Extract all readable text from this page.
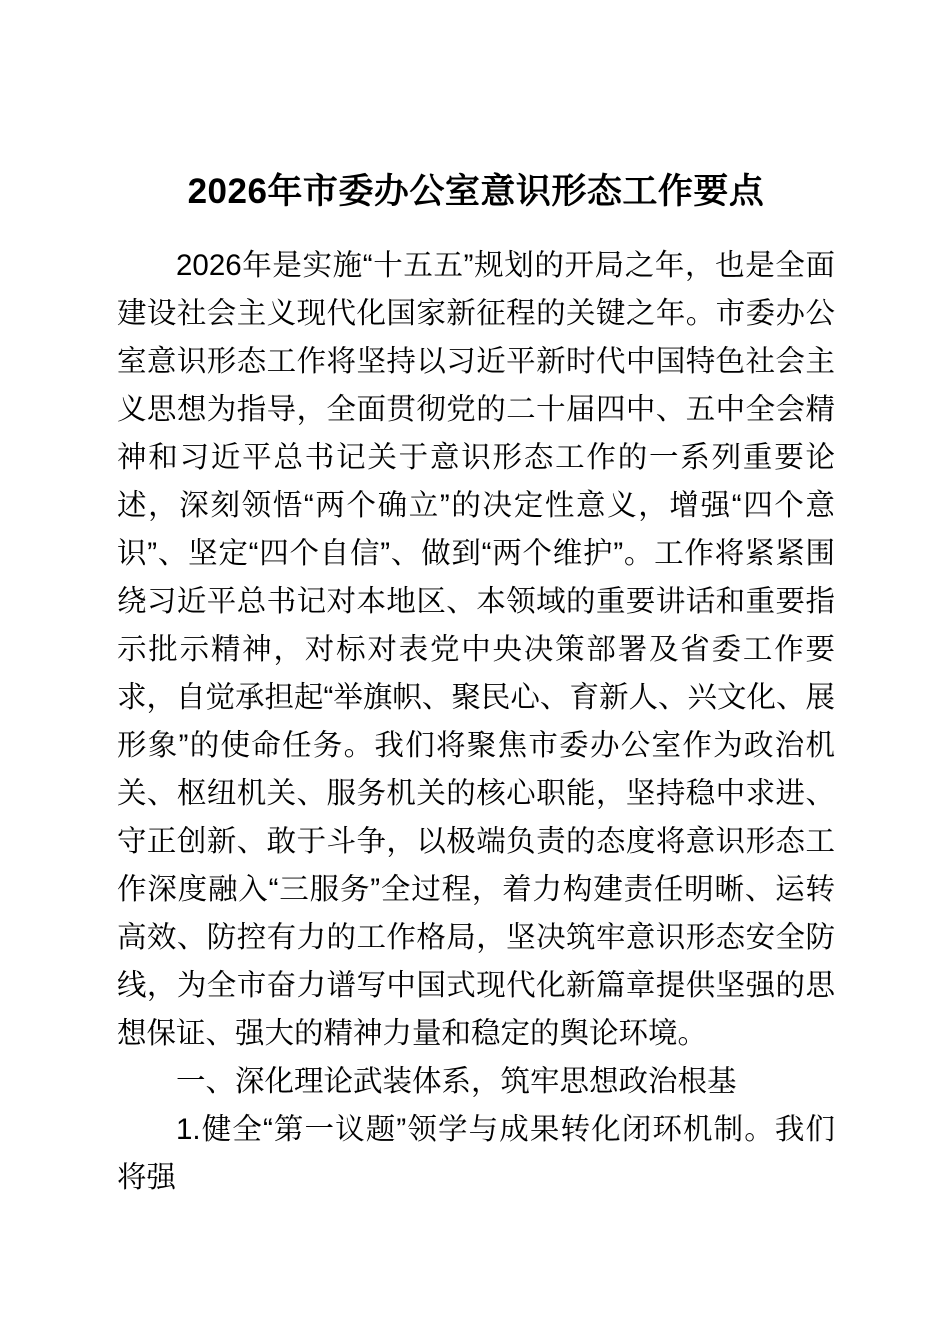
2026年市委办公室意识形态工作要点

2026年是实施“十五五”规划的开局之年，也是全面建设社会主义现代化国家新征程的关键之年。市委办公室意识形态工作将坚持以习近平新时代中国特色社会主义思想为指导，全面贯彻党的二十届四中、五中全会精神和习近平总书记关于意识形态工作的一系列重要论述，深刻领悟“两个确立”的决定性意义，增强“四个意识”、坚定“四个自信”、做到“两个维护”。工作将紧紧围绕习近平总书记对本地区、本领域的重要讲话和重要指示批示精神，对标对表党中央决策部署及省委工作要求，自觉承担起“举旗帜、聚民心、育新人、兴文化、展形象”的使命任务。我们将聚焦市委办公室作为政治机关、枢纽机关、服务机关的核心职能，坚持稳中求进、守正创新、敢于斗争，以极端负责的态度将意识形态工作深度融入“三服务”全过程，着力构建责任明晰、运转高效、防控有力的工作格局，坚决筑牢意识形态安全防线，为全市奋力谱写中国式现代化新篇章提供坚强的思想保证、强大的精神力量和稳定的舆论环境。

一、深化理论武装体系，筑牢思想政治根基

1.健全“第一议题”领学与成果转化闭环机制。我们将强
